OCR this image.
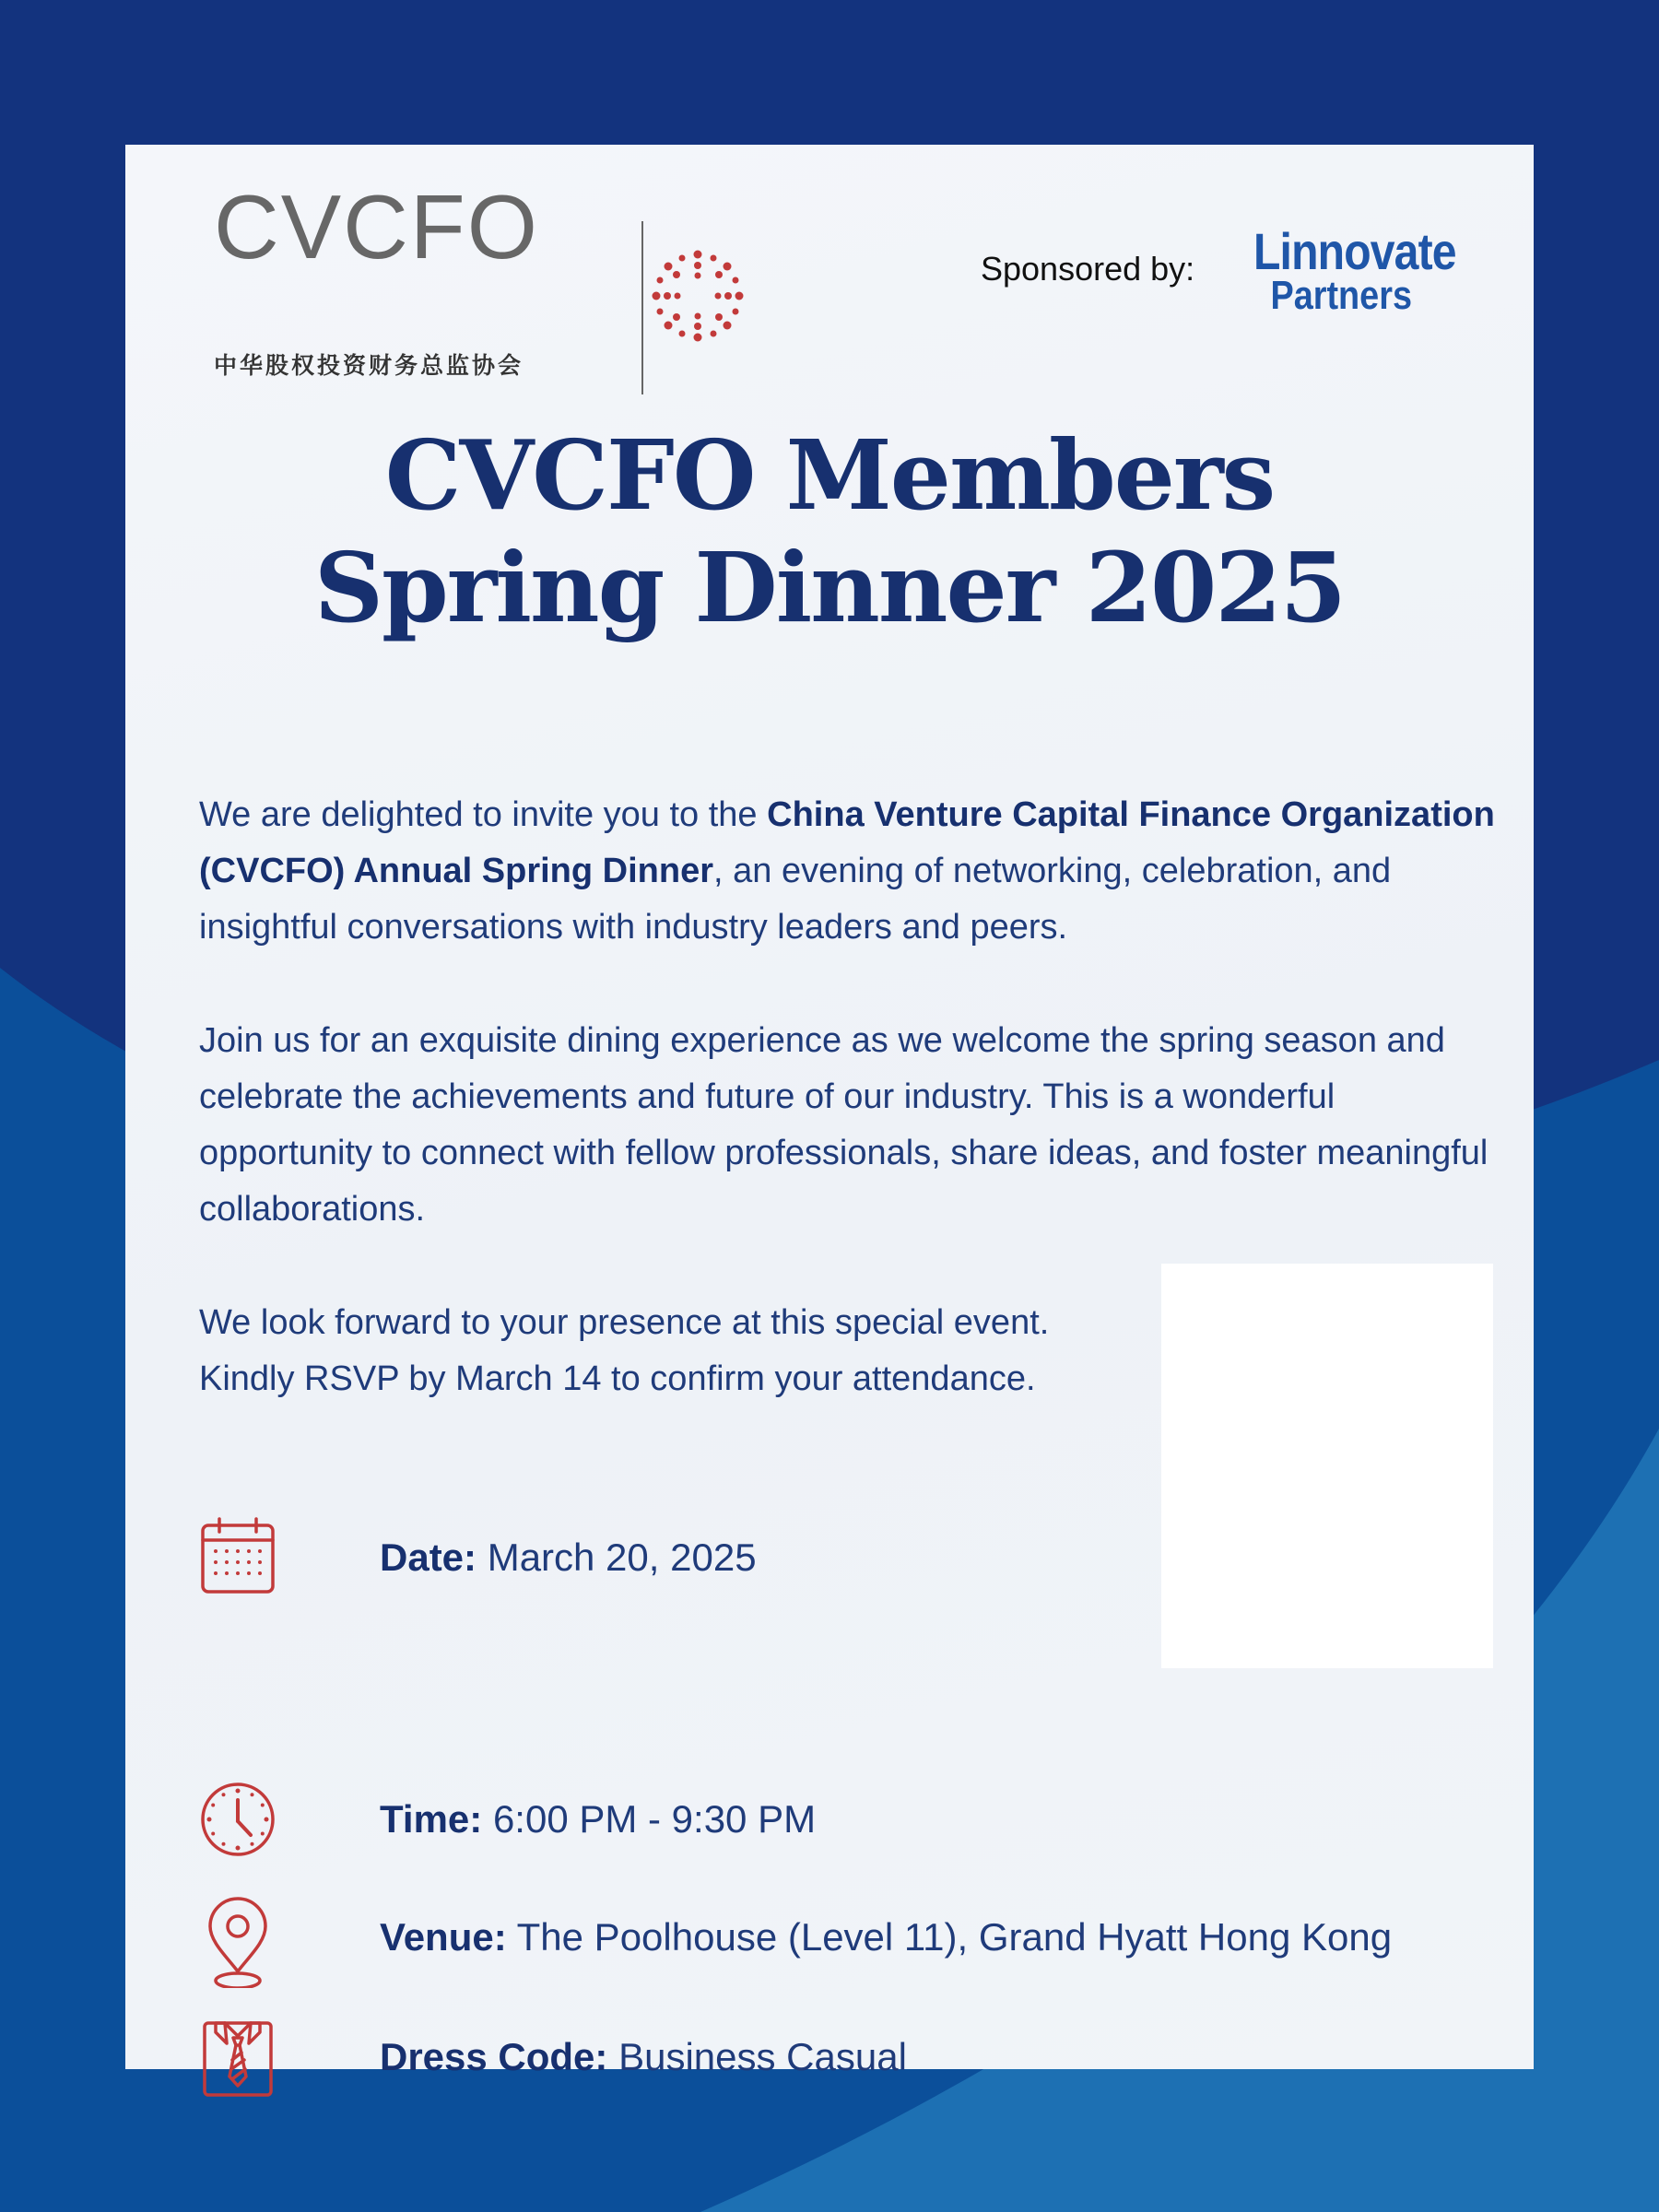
CVCFO
中华股权投资财务总监协会
Sponsored by: Linnovate
Partners
CVCFO Members
Spring Dinner 2025
We are delighted to invite you to the China Venture Capital Finance Organization (CVCFO) Annual Spring Dinner, an evening of networking, celebration, and insightful conversations with industry leaders and peers.
Join us for an exquisite dining experience as we welcome the spring season and celebrate the achievements and future of our industry. This is a wonderful opportunity to connect with fellow professionals, share ideas, and foster meaningful collaborations.
We look forward to your presence at this special event.
Kindly RSVP by March 14 to confirm your attendance.
Date: March 20, 2025
Time: 6:00 PM - 9:30 PM
Venue: The Poolhouse (Level 11), Grand Hyatt Hong Kong
Dress Code: Business Casual
